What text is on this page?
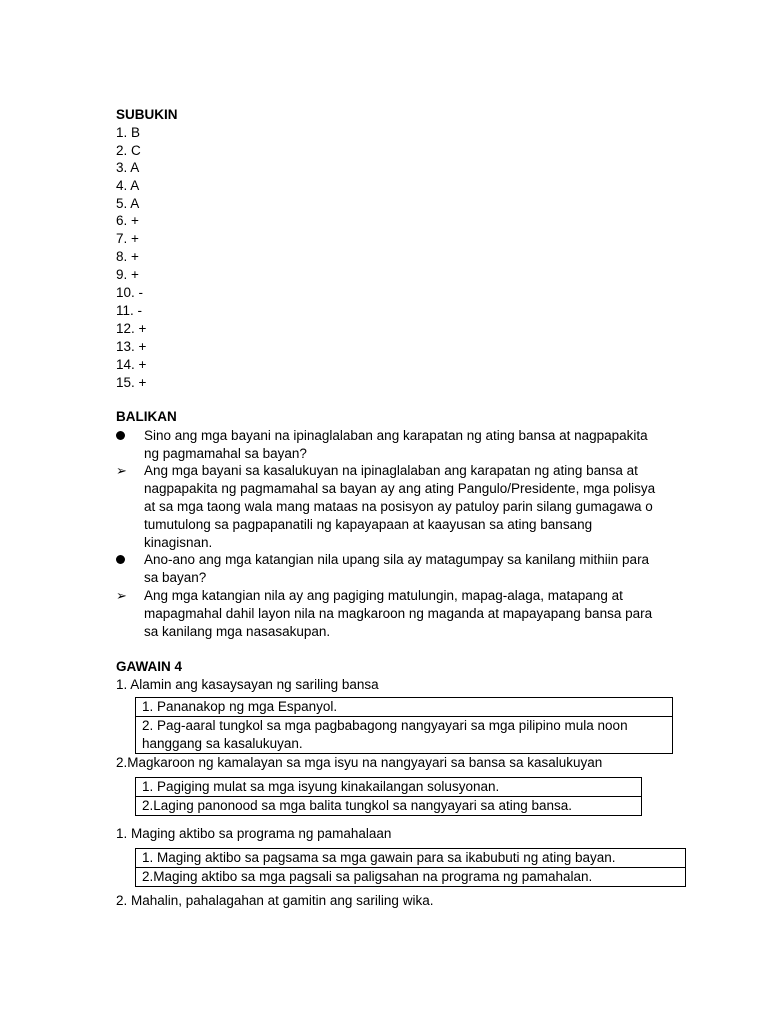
SUBUKIN
1. B
2. C
3. A
4. A
5. A
6. +
7. +
8. +
9. +
10. -
11. -
12. +
13. +
14. +
15. +
BALIKAN
Sino ang mga bayani na ipinaglalaban ang karapatan ng ating bansa at nagpapakita ng pagmamahal sa bayan?
➢	Ang mga bayani sa kasalukuyan na ipinaglalaban ang karapatan ng ating bansa at nagpapakita ng pagmamahal sa bayan ay ang ating Pangulo/Presidente, mga polisya at sa mga taong wala mang mataas na posisyon ay patuloy parin silang gumagawa o tumutulong sa pagpapanatili ng kapayapaan at kaayusan sa ating bansang kinagisnan.
Ano-ano ang mga katangian nila upang sila ay matagumpay sa kanilang mithiin para sa bayan?
➢	Ang mga katangian nila ay ang pagiging matulungin, mapag-alaga, matapang at mapagmahal dahil layon nila na magkaroon ng maganda at mapayapang bansa para sa kanilang mga nasasakupan.
GAWAIN 4
1. Alamin ang kasaysayan ng sariling bansa
1. Pananakop ng mga Espanyol.
2. Pag-aaral tungkol sa mga pagbabagong nangyayari sa mga pilipino mula noon hanggang sa kasalukuyan.
2.Magkaroon ng kamalayan sa mga isyu na nangyayari sa bansa sa kasalukuyan
1. Pagiging mulat sa mga isyung kinakailangan solusyonan.
2.Laging panonood sa mga balita tungkol sa nangyayari sa ating bansa.
1. Maging aktibo sa programa ng pamahalaan
1. Maging aktibo sa pagsama sa mga gawain para sa ikabubuti ng ating bayan.
2.Maging aktibo sa mga pagsali sa paligsahan na programa ng pamahalan.
2. Mahalin, pahalagahan at gamitin ang sariling wika.
